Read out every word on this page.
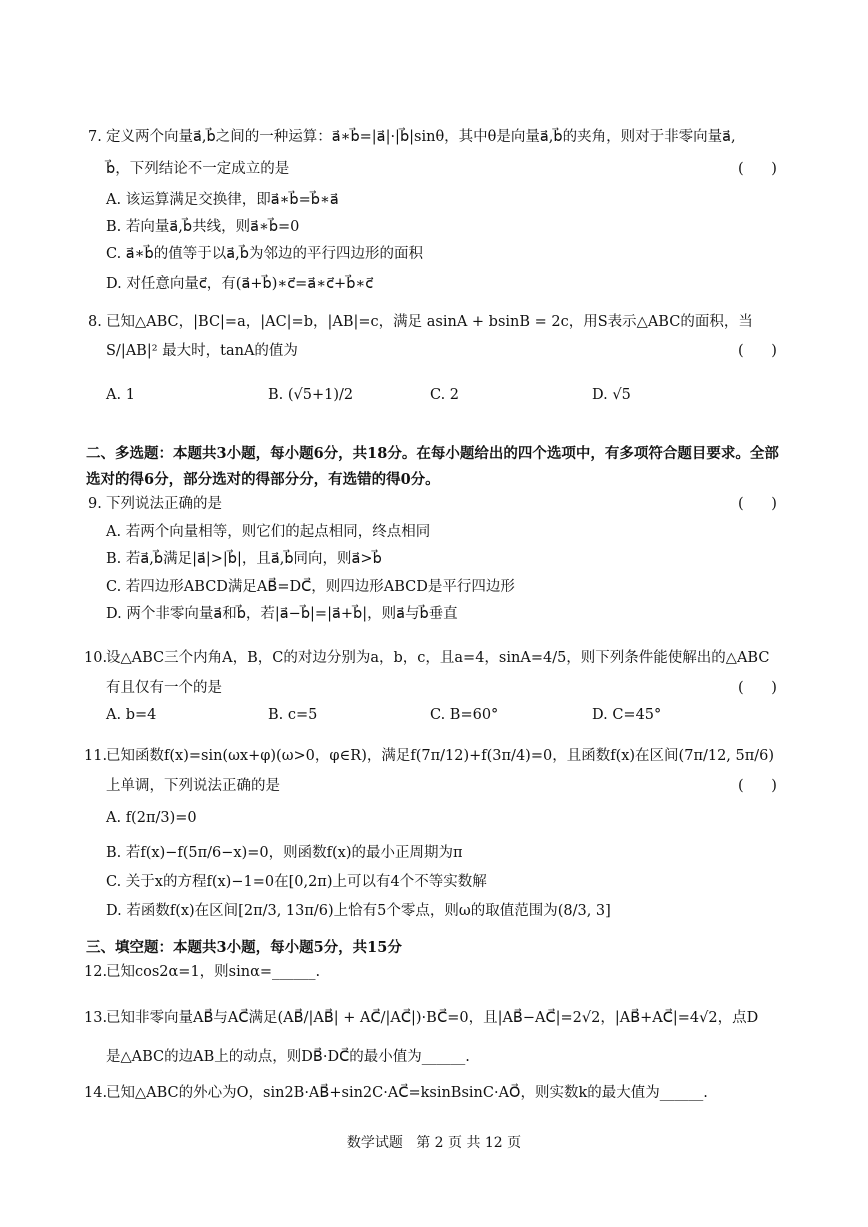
7. 定义两个向量a⃗,b⃗之间的一种运算：a⃗∗b⃗=|a⃗|·|b⃗|sinθ，其中θ是向量a⃗,b⃗的夹角，则对于非零向量a⃗,
b⃗，下列结论不一定成立的是	(      )
A. 该运算满足交换律，即a⃗∗b⃗=b⃗∗a⃗
B. 若向量a⃗,b⃗共线，则a⃗∗b⃗=0
C. a⃗∗b⃗的值等于以a⃗,b⃗为邻边的平行四边形的面积
D. 对任意向量c⃗，有(a⃗+b⃗)∗c⃗=a⃗∗c⃗+b⃗∗c⃗
8. 已知△ABC，|BC|=a，|AC|=b，|AB|=c，满足 asinA + bsinB = 2c，用S表示△ABC的面积，当
S/|AB|² 最大时，tanA的值为	(      )
A. 1	B. (√5+1)/2	C. 2	D. √5
二、多选题：本题共3小题，每小题6分，共18分。在每小题给出的四个选项中，有多项符合题目要求。全部选对的得6分，部分选对的得部分分，有选错的得0分。
9. 下列说法正确的是	(      )
A. 若两个向量相等，则它们的起点相同，终点相同
B. 若a⃗,b⃗满足|a⃗|>|b⃗|，且a⃗,b⃗同向，则a⃗>b⃗
C. 若四边形ABCD满足AB⃗=DC⃗，则四边形ABCD是平行四边形
D. 两个非零向量a⃗和b⃗，若|a⃗−b⃗|=|a⃗+b⃗|，则a⃗与b⃗垂直
10.
设△ABC三个内角A，B，C的对边分别为a，b，c，且a=4，sinA=4/5，则下列条件能使解出的△ABC
有且仅有一个的是	(      )
A. b=4	B. c=5	C. B=60°	D. C=45°
11.
已知函数f(x)=sin(ωx+φ)(ω>0，φ∈R)，满足f(7π/12)+f(3π/4)=0，且函数f(x)在区间(7π/12, 5π/6)
上单调，下列说法正确的是	(      )
A. f(2π/3)=0
B. 若f(x)−f(5π/6−x)=0，则函数f(x)的最小正周期为π
C. 关于x的方程f(x)−1=0在[0,2π)上可以有4个不等实数解
D. 若函数f(x)在区间[2π/3, 13π/6)上恰有5个零点，则ω的取值范围为(8/3, 3]
三、填空题：本题共3小题，每小题5分，共15分
12.
已知cos2α=1，则sinα=______.
13.
已知非零向量AB⃗与AC⃗满足(AB⃗/|AB⃗| + AC⃗/|AC⃗|)·BC⃗=0，且|AB⃗−AC⃗|=2√2，|AB⃗+AC⃗|=4√2，点D
是△ABC的边AB上的动点，则DB⃗·DC⃗的最小值为______.
14.
已知△ABC的外心为O，sin2B·AB⃗+sin2C·AC⃗=ksinBsinC·AO⃗，则实数k的最大值为______.
数学试题 第 2 页 共 12 页
